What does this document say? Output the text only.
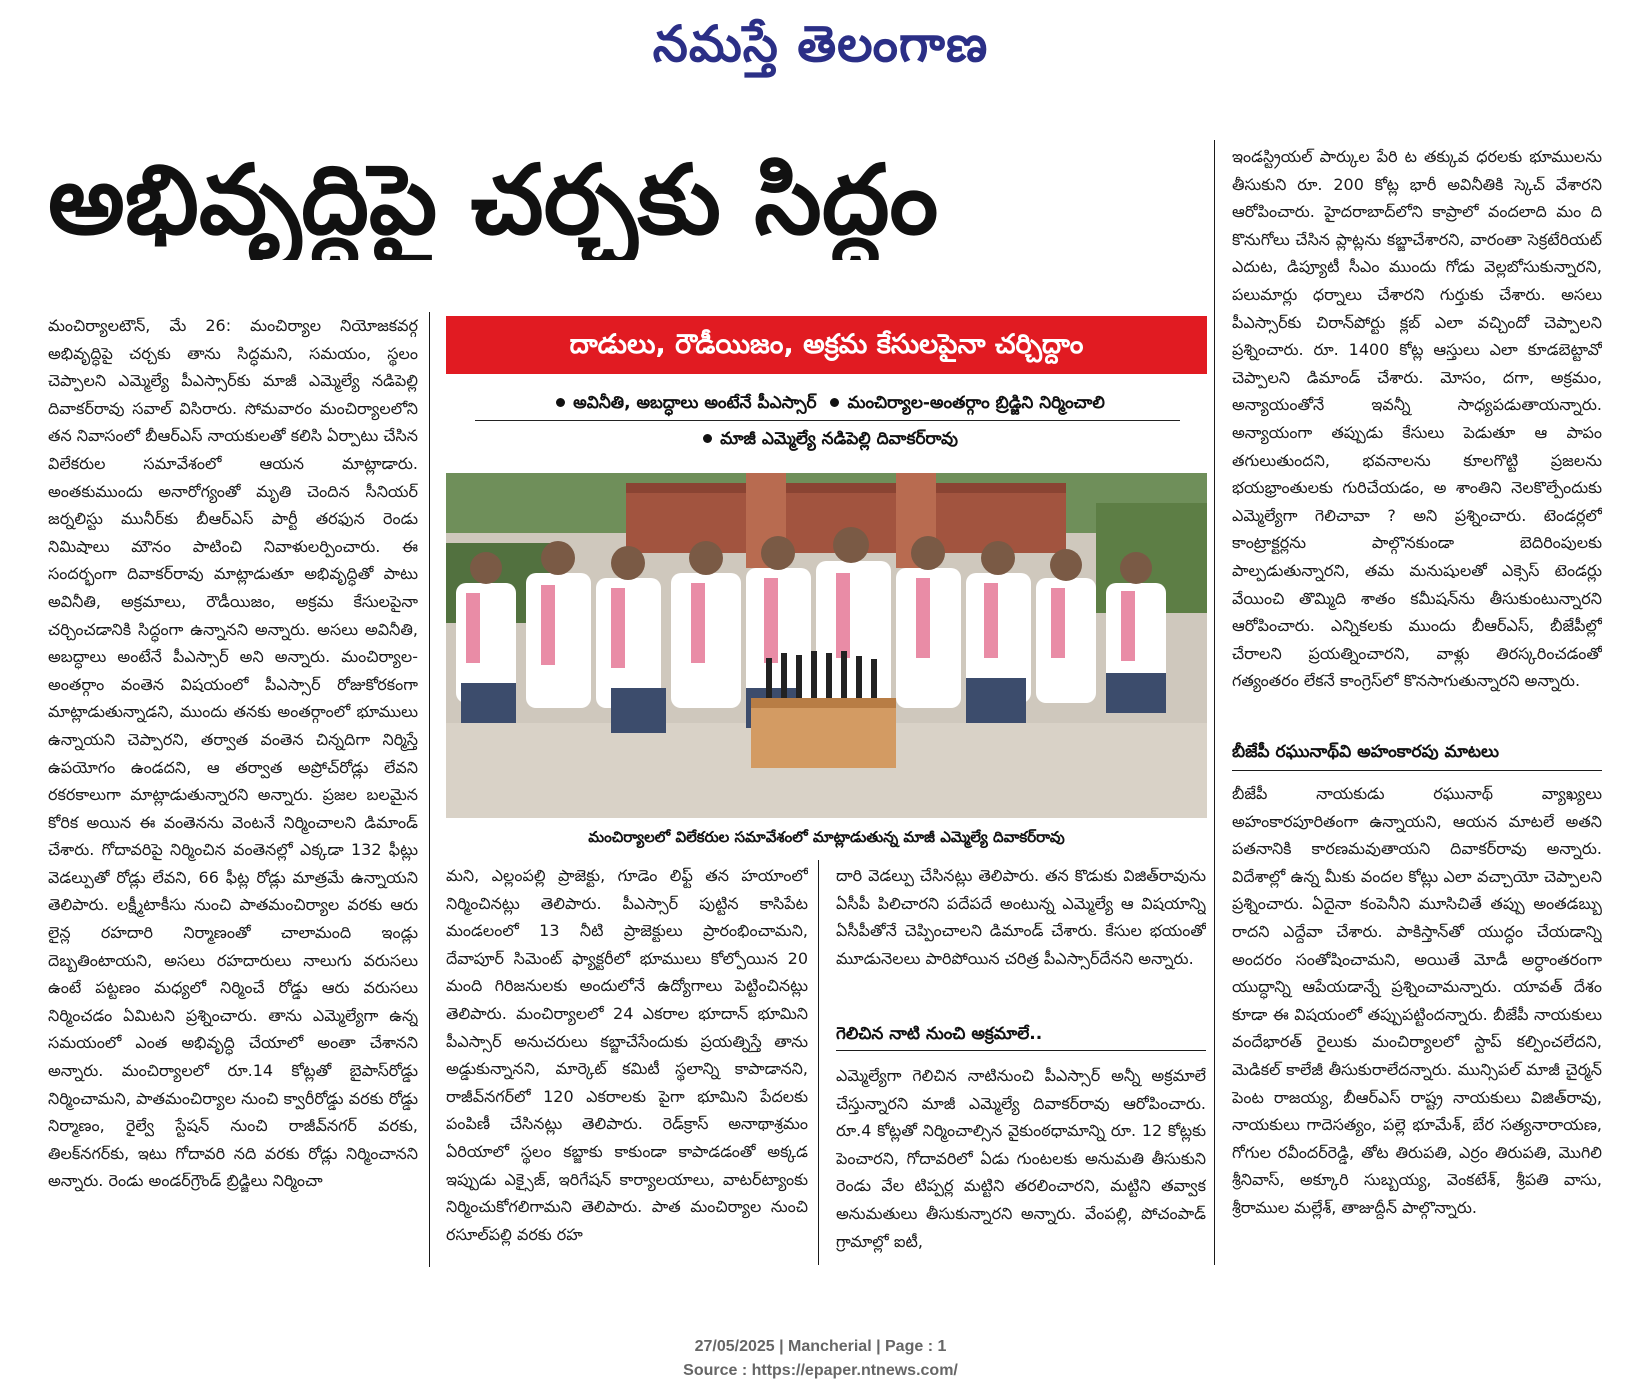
నమస్తే తెలంగాణ
అభివృద్ధిపై చర్చకు సిద్ధం

మంచిర్యాలటౌన్, మే 26: మంచిర్యాల నియోజకవర్గ అభివృద్ధిపై చర్చకు తాను సిద్ధమని, సమయం, స్థలం చెప్పాలని ఎమ్మెల్యే పీఎస్సార్‌కు మాజీ ఎమ్మెల్యే నడిపెల్లి దివాకర్‌రావు సవాల్ విసిరారు. సోమవారం మంచిర్యాలలోని తన నివాసంలో బీఆర్‌ఎస్ నాయకులతో కలిసి ఏర్పాటు చేసిన విలేకరుల సమావేశంలో ఆయన మాట్లాడారు. అంతకుముందు అనారోగ్యంతో మృతి చెందిన సీనియర్ జర్నలిస్టు మునీర్‌కు బీఆర్‌ఎస్ పార్టీ తరఫున రెండు నిమిషాలు మౌనం పాటించి నివాళులర్పించారు. ఈ సందర్భంగా దివాకర్‌రావు మాట్లాడుతూ అభివృద్ధితో పాటు అవినీతి, అక్రమాలు, రౌడీయిజం, అక్రమ కేసులపైనా చర్చించడానికి సిద్ధంగా ఉన్నానని అన్నారు. అసలు అవినీతి, అబద్ధాలు అంటేనే పీఎస్సార్ అని అన్నారు. మంచిర్యాల-అంతర్గాం వంతెన విషయంలో పీఎస్సార్ రోజుకోరకంగా మాట్లాడుతున్నాడని, ముందు తనకు అంతర్గాంలో భూములు ఉన్నాయని చెప్పారని, తర్వాత వంతెన చిన్నదిగా నిర్మిస్తే ఉపయోగం ఉండదని, ఆ తర్వాత అప్రోచ్‌రోడ్లు లేవని రకరకాలుగా మాట్లాడుతున్నారని అన్నారు. ప్రజల బలమైన కోరిక అయిన ఈ వంతెనను వెంటనే నిర్మించాలని డిమాండ్ చేశారు. గోదావరిపై నిర్మించిన వంతెనల్లో ఎక్కడా 132 ఫీట్లు వెడల్పుతో రోడ్లు లేవని, 66 ఫీట్ల రోడ్లు మాత్రమే ఉన్నాయని తెలిపారు. లక్ష్మీటాకీసు నుంచి పాతమంచిర్యాల వరకు ఆరు లైన్ల రహదారి నిర్మాణంతో చాలామంది ఇండ్లు దెబ్బతింటాయని, అసలు రహదారులు నాలుగు వరుసలు ఉంటే పట్టణం మధ్యలో నిర్మించే రోడ్డు ఆరు వరుసలు నిర్మించడం ఏమిటని ప్రశ్నించారు. తాను ఎమ్మెల్యేగా ఉన్న సమయంలో ఎంత అభివృద్ధి చేయాలో అంతా చేశానని అన్నారు. మంచిర్యాలలో రూ.14 కోట్లతో బైపాస్‌రోడ్డు నిర్మించామని, పాతమంచిర్యాల నుంచి క్వారీరోడ్డు వరకు రోడ్డు నిర్మాణం, రైల్వే స్టేషన్ నుంచి రాజీవ్‌నగర్ వరకు, తిలక్‌నగర్‌కు, ఇటు గోదావరి నది వరకు రోడ్లు నిర్మించానని అన్నారు. రెండు అండర్‌గ్రౌండ్ బ్రిడ్జిలు నిర్మించా

దాడులు, రౌడీయిజం, అక్రమ కేసులపైనా చర్చిద్దాం
అవినీతి, అబద్ధాలు అంటేనే పీఎస్సార్ మంచిర్యాల-అంతర్గాం బ్రిడ్జిని నిర్మించాలి
మాజీ ఎమ్మెల్యే నడిపెల్లి దివాకర్‌రావు
మంచిర్యాలలో విలేకరుల సమావేశంలో మాట్లాడుతున్న మాజీ ఎమ్మెల్యే దివాకర్‌రావు

మని, ఎల్లంపల్లి ప్రాజెక్టు, గూడెం లిఫ్ట్ తన హయాంలో నిర్మించినట్లు తెలిపారు. పీఎస్సార్ పుట్టిన కాసిపేట మండలంలో 13 నీటి ప్రాజెక్టులు ప్రారంభించామని, దేవాపూర్ సిమెంట్ ఫ్యాక్టరీలో భూములు కోల్పోయిన 20 మంది గిరిజనులకు అందులోనే ఉద్యోగాలు పెట్టించినట్లు తెలిపారు. మంచిర్యాలలో 24 ఎకరాల భూదాన్ భూమిని పీఎస్సార్ అనుచరులు కబ్జాచేసేందుకు ప్రయత్నిస్తే తాను అడ్డుకున్నానని, మార్కెట్ కమిటీ స్థలాన్ని కాపాడానని, రాజీవ్‌నగర్‌లో 120 ఎకరాలకు పైగా భూమిని పేదలకు పంపిణీ చేసినట్లు తెలిపారు. రెడ్‌క్రాస్ అనాథాశ్రమం ఏరియాలో స్థలం కబ్జాకు కాకుండా కాపాడడంతో అక్కడ ఇప్పుడు ఎక్సైజ్, ఇరిగేషన్ కార్యాలయాలు, వాటర్‌ట్యాంకు నిర్మించుకోగలిగామని తెలిపారు. పాత మంచిర్యాల నుంచి రసూల్‌పల్లి వరకు రహ

దారి వెడల్పు చేసినట్లు తెలిపారు. తన కొడుకు విజిత్‌రావును ఏసీపీ పిలిచారని పదేపదే అంటున్న ఎమ్మెల్యే ఆ విషయాన్ని ఏసీపీతోనే చెప్పించాలని డిమాండ్ చేశారు. కేసుల భయంతో మూడునెలలు పారిపోయిన చరిత్ర పీఎస్సార్‌దేనని అన్నారు.

గెలిచిన నాటి నుంచి అక్రమాలే..

ఎమ్మెల్యేగా గెలిచిన నాటినుంచి పీఎస్సార్ అన్నీ అక్రమాలే చేస్తున్నారని మాజీ ఎమ్మెల్యే దివాకర్‌రావు ఆరోపించారు. రూ.4 కోట్లతో నిర్మించాల్సిన వైకుంఠధామాన్ని రూ. 12 కోట్లకు పెంచారని, గోదావరిలో ఏడు గుంటలకు అనుమతి తీసుకుని రెండు వేల టిప్పర్ల మట్టిని తరలించారని, మట్టిని తవ్వాక అనుమతులు తీసుకున్నారని అన్నారు. వేంపల్లి, పోచంపాడ్ గ్రామాల్లో ఐటీ,

ఇండస్ట్రియల్ పార్కుల పేరి ట తక్కువ ధరలకు భూములను తీసుకుని రూ. 200 కోట్ల భారీ అవినీతికి స్కెచ్ వేశారని ఆరోపించారు. హైదరాబాద్‌లోని కాప్రాలో వందలాది మం ది కొనుగోలు చేసిన ప్లాట్లను కబ్జాచేశారని, వారంతా సెక్రటేరియట్ ఎదుట, డిప్యూటీ సీఎం ముందు గోడు వెల్లబోసుకున్నారని, పలుమార్లు ధర్నాలు చేశారని గుర్తుకు చేశారు. అసలు పీఎస్సార్‌కు చిరాన్‌పోర్టు క్లబ్ ఎలా వచ్చిందో చెప్పాలని ప్రశ్నించారు. రూ. 1400 కోట్ల ఆస్తులు ఎలా కూడబెట్టావో చెప్పాలని డిమాండ్ చేశారు. మోసం, దగా, అక్రమం, అన్యాయంతోనే ఇవన్నీ సాధ్యపడుతాయన్నారు. అన్యాయంగా తప్పుడు కేసులు పెడుతూ ఆ పాపం తగులుతుందని, భవనాలను కూలగొట్టి ప్రజలను భయభ్రాంతులకు గురిచేయడం, అ శాంతిని నెలకొల్పేందుకు ఎమ్మెల్యేగా గెలిచావా ? అని ప్రశ్నించారు. టెండర్లలో కాంట్రాక్టర్లను పాల్గొనకుండా బెదిరింపులకు పాల్పడుతున్నారని, తమ మనుషులతో ఎక్సెస్ టెండర్లు వేయించి తొమ్మిది శాతం కమీషన్‌ను తీసుకుంటున్నారని ఆరోపించారు. ఎన్నికలకు ముందు బీఆర్‌ఎస్, బీజేపీల్లో చేరాలని ప్రయత్నించారని, వాళ్లు తిరస్కరించడంతో గత్యంతరం లేకనే కాంగ్రెస్‌లో కొనసాగుతున్నారని అన్నారు.

బీజేపీ రఘునాథ్‌వి అహంకారపు మాటలు

బీజేపీ నాయకుడు రఘునాథ్ వ్యాఖ్యలు అహంకారపూరితంగా ఉన్నాయని, ఆయన మాటలే అతని పతనానికి కారణమవుతాయని దివాకర్‌రావు అన్నారు. విదేశాల్లో ఉన్న మీకు వందల కోట్లు ఎలా వచ్చాయో చెప్పాలని ప్రశ్నించారు. ఏదైనా కంపెనీని మూసిచితే తప్పు అంతడబ్బు రాదని ఎద్దేవా చేశారు. పాకిస్తాన్‌తో యుద్ధం చేయడాన్ని అందరం సంతోషించామని, అయితే మోడీ అర్ధాంతరంగా యుద్ధాన్ని ఆపేయడాన్నే ప్రశ్నించామన్నారు. యావత్ దేశం కూడా ఈ విషయంలో తప్పుపట్టిందన్నారు. బీజేపీ నాయకులు వందేభారత్ రైలుకు మంచిర్యాలలో స్టాప్ కల్పించలేదని, మెడికల్ కాలేజీ తీసుకురాలేదన్నారు. మున్సిపల్ మాజీ చైర్మన్ పెంట రాజయ్య, బీఆర్‌ఎస్ రాష్ట్ర నాయకులు విజిత్‌రావు, నాయకులు గాదెసత్యం, పల్లె భూమేశ్, బేర సత్యనారాయణ, గోగుల రవీందర్‌రెడ్డి, తోట తిరుపతి, ఎర్రం తిరుపతి, మొగిలి శ్రీనివాస్, అక్కూరి సుబ్బయ్య, వెంకటేశ్, శ్రీపతి వాసు, శ్రీరాముల మల్లేశ్, తాజుద్దీన్ పాల్గొన్నారు.

27/05/2025 | Mancherial | Page : 1
Source : https://epaper.ntnews.com/
